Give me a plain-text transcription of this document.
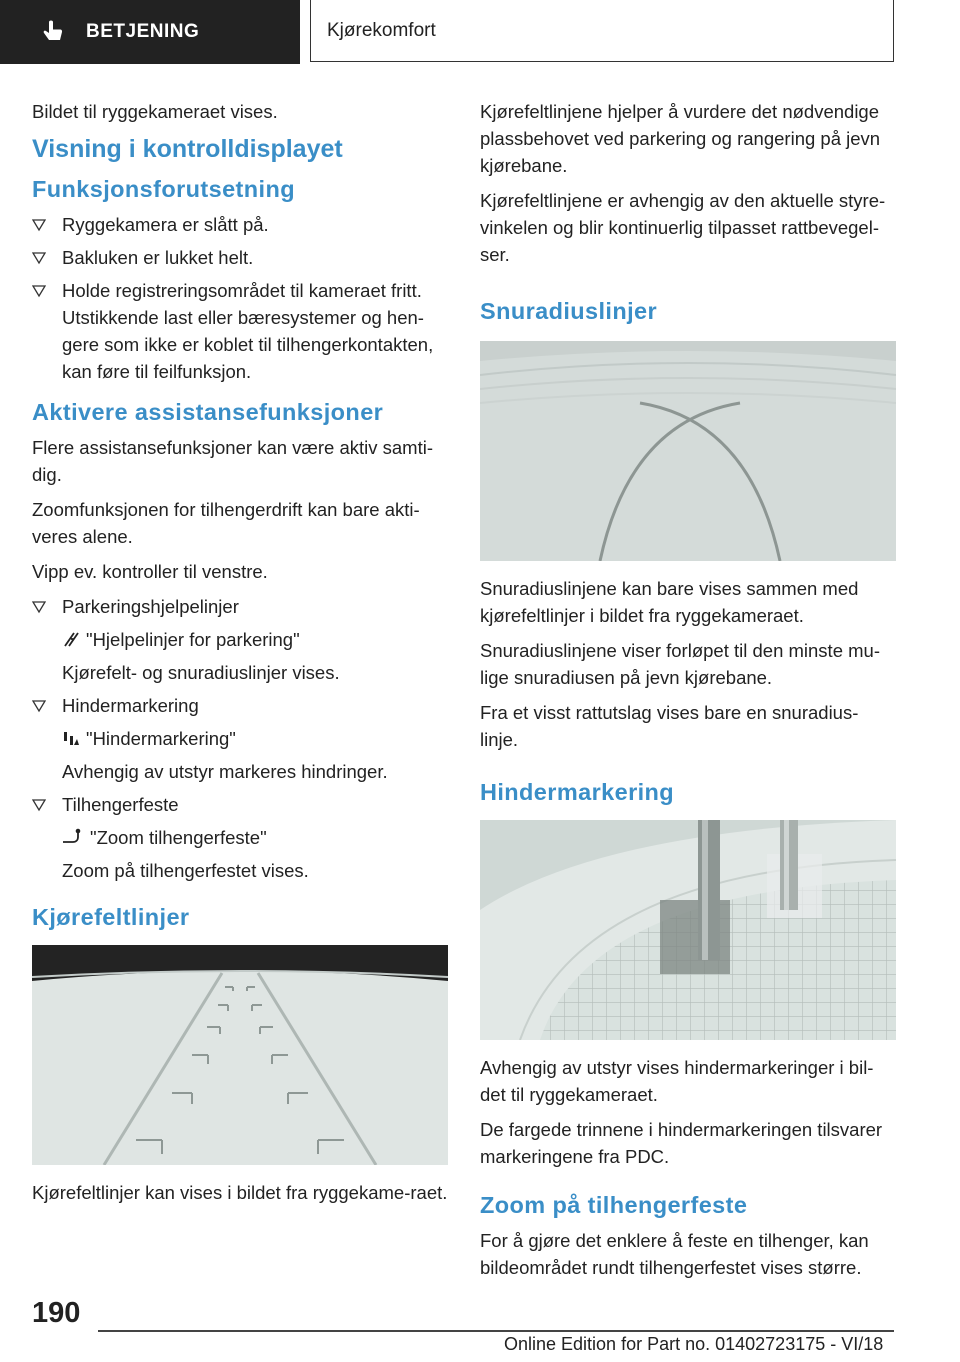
BETJENING	Kjørekomfort

Bildet til ryggekameraet vises.

Visning i kontrolldisplayet
Funksjonsforutsetning
Ryggekamera er slått på.
Bakluken er lukket helt.
Holde registreringsområdet til kameraet fritt. Utstikkende last eller bæresystemer og hen-gere som ikke er koblet til tilhengerkontakten, kan føre til feilfunksjon.
Aktivere assistansefunksjoner

Flere assistansefunksjoner kan være aktiv samti-dig.

Zoomfunksjonen for tilhengerdrift kan bare akti-veres alene.

Vipp ev. kontroller til venstre.

Parkeringshjelpelinjer
"Hjelpelinjer for parkering"
Kjørefelt- og snuradiuslinjer vises.
Hindermarkering
"Hindermarkering"
Avhengig av utstyr markeres hindringer.
Tilhengerfeste
"Zoom tilhengerfeste"
Zoom på tilhengerfestet vises.
Kjørefeltlinjer

Kjørefeltlinjer kan vises i bildet fra ryggekame-raet.

Kjørefeltlinjene hjelper å vurdere det nødvendige plassbehovet ved parkering og rangering på jevn kjørebane.

Kjørefeltlinjene er avhengig av den aktuelle styre-vinkelen og blir kontinuerlig tilpasset rattbevegel-ser.

Snuradiuslinjer

Snuradiuslinjene kan bare vises sammen med kjørefeltlinjer i bildet fra ryggekameraet.

Snuradiuslinjene viser forløpet til den minste mu-lige snuradiusen på jevn kjørebane.

Fra et visst rattutslag vises bare en snuradius-linje.

Hindermarkering

Avhengig av utstyr vises hindermarkeringer i bil-det til ryggekameraet.

De fargede trinnene i hindermarkeringen tilsvarer markeringene fra PDC.

Zoom på tilhengerfeste

For å gjøre det enklere å feste en tilhenger, kan bildeområdet rundt tilhengerfestet vises større.

190
Online Edition for Part no. 01402723175 - VI/18
